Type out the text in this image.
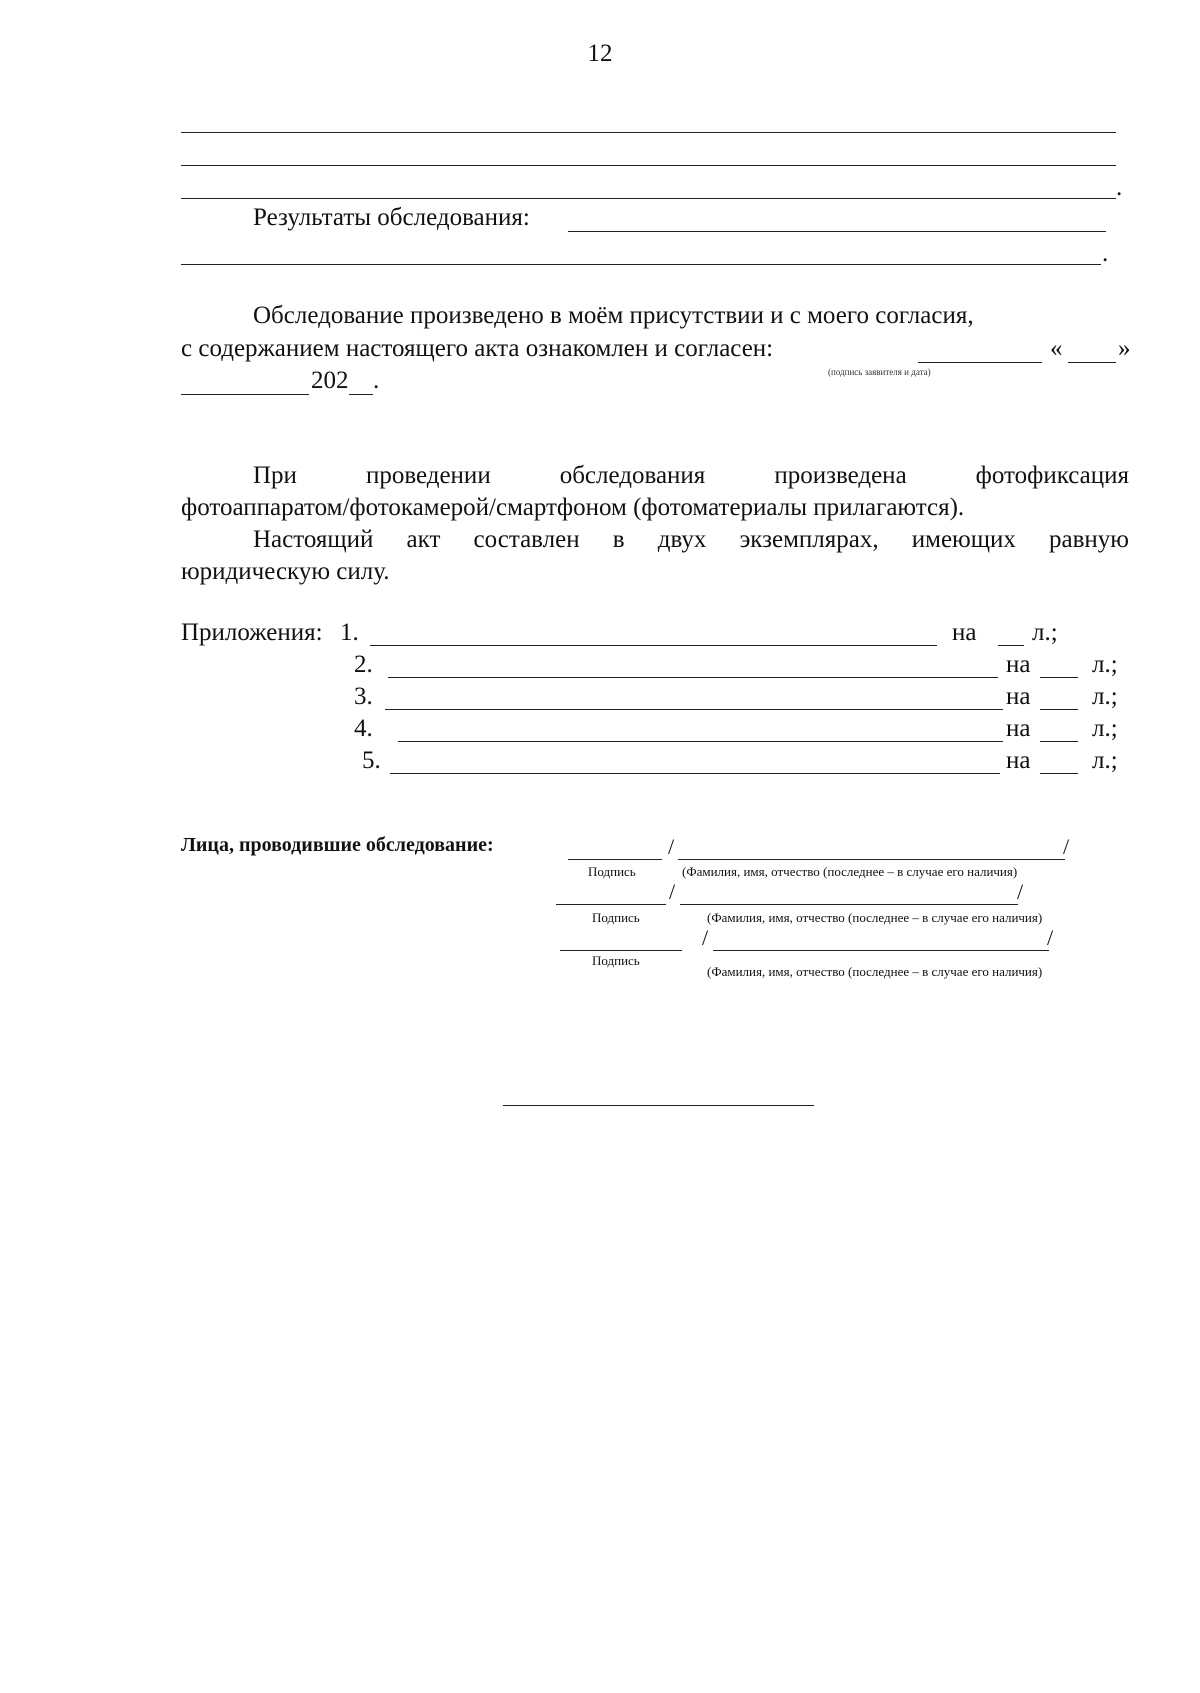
12
.
Результаты обследования:
.
Обследование произведено в моём присутствии и с моего согласия,
с содержанием настоящего акта ознакомлен и согласен:	« »
(подпись заявителя и дата)
202 .
При	проведении	обследования	произведена	фотофиксация
фотоаппаратом/фотокамерой/смартфоном (фотоматериалы прилагаются).
Настоящий акт составлен в двух экземплярах, имеющих равную
юридическую силу.
Приложения: 1.	на л.;
2.	на л.;
3.	на л.;
4.	на л.;
5.	на л.;
Лица, проводившие обследование:	/	/
Подпись	(Фамилия, имя, отчество (последнее – в случае его наличия)
/	/
Подпись	(Фамилия, имя, отчество (последнее – в случае его наличия)
/	/
Подпись
(Фамилия, имя, отчество (последнее – в случае его наличия)
